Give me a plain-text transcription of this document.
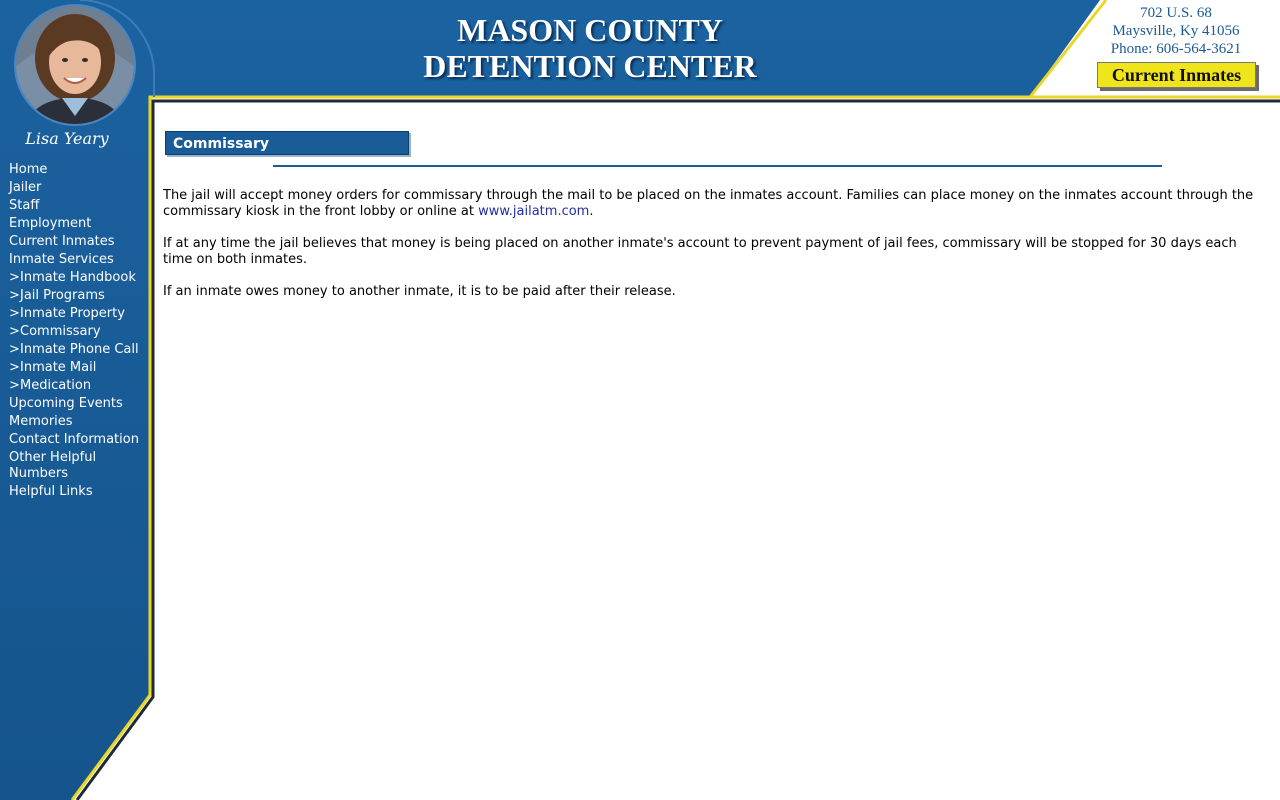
Lisa Yeary
MASON COUNTY
DETENTION CENTER
702 U.S. 68
Maysville, Ky 41056
Phone: 606-564-3621
Current Inmates
Home
Jailer
Staff
Employment
Current Inmates
Inmate Services
>Inmate Handbook
>Jail Programs
>Inmate Property
>Commissary
>Inmate Phone Call
>Inmate Mail
>Medication
Upcoming Events
Memories
Contact Information
Other Helpful Numbers
Helpful Links
Commissary

The jail will accept money orders for commissary through the mail to be placed on the inmates account. Families can place money on the inmates account through the commissary kiosk in the front lobby or online at www.jailatm.com.

If at any time the jail believes that money is being placed on another inmate's account to prevent payment of jail fees, commissary will be stopped for 30 days each time on both inmates.

If an inmate owes money to another inmate, it is to be paid after their release.
